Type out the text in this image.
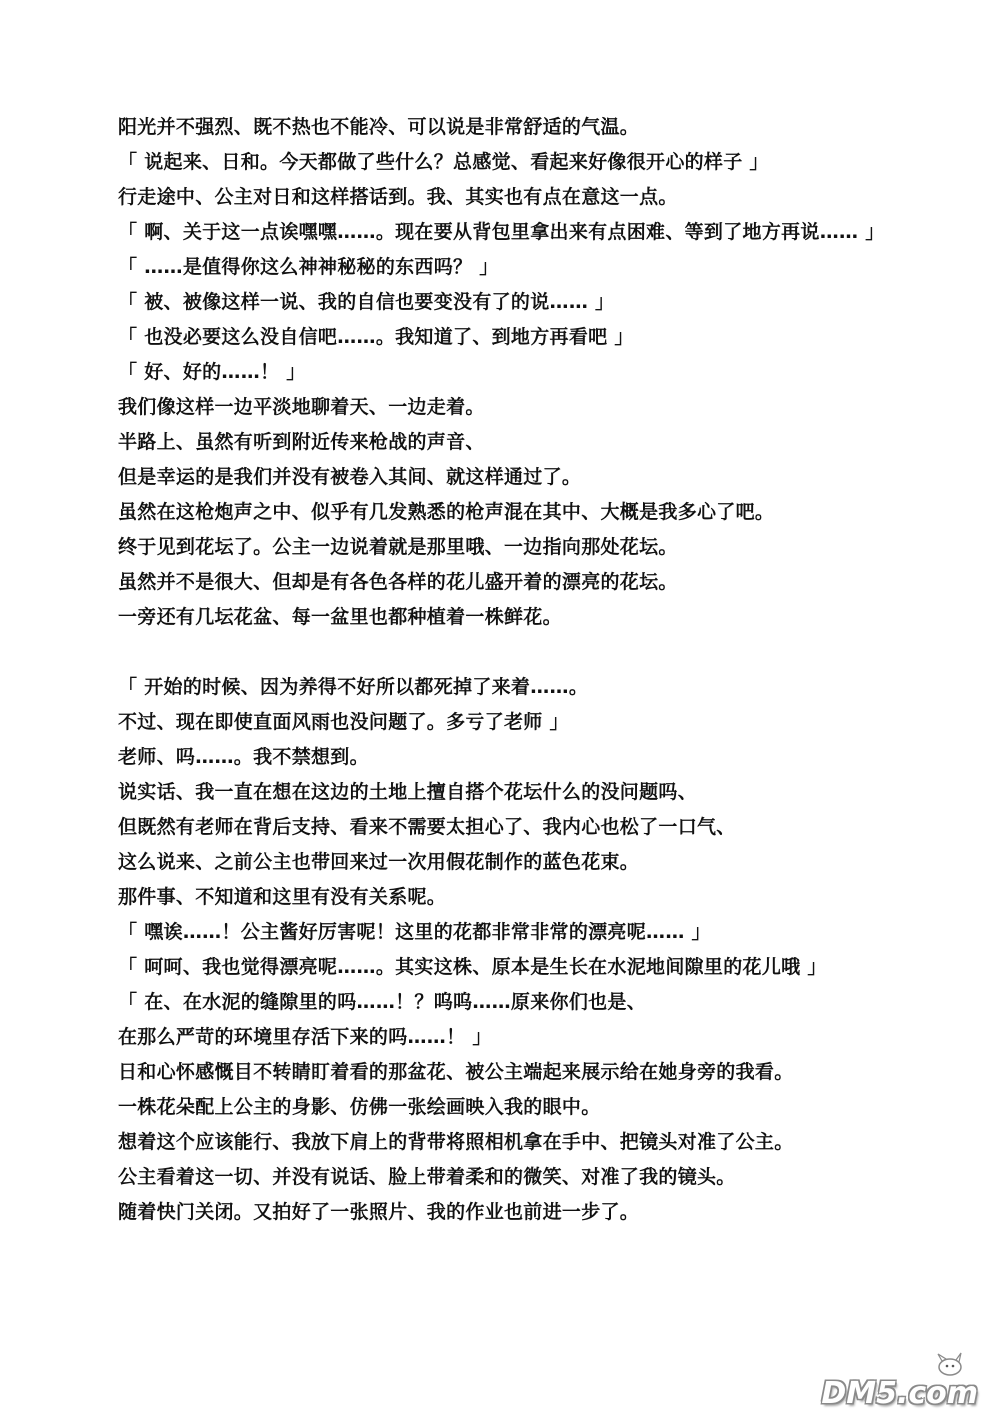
阳光并不强烈、既不热也不能冷、可以说是非常舒适的气温。
「 说起来、日和。今天都做了些什么？总感觉、看起来好像很开心的样子 」
行走途中、公主对日和这样搭话到。我、其实也有点在意这一点。
「 啊、关于这一点诶嘿嘿……。现在要从背包里拿出来有点困难、等到了地方再说…… 」
「 ……是值得你这么神神秘秘的东西吗？ 」
「 被、被像这样一说、我的自信也要变没有了的说…… 」
「 也没必要这么没自信吧……。我知道了、到地方再看吧 」
「 好、好的……！ 」
我们像这样一边平淡地聊着天、一边走着。
半路上、虽然有听到附近传来枪战的声音、
但是幸运的是我们并没有被卷入其间、就这样通过了。
虽然在这枪炮声之中、似乎有几发熟悉的枪声混在其中、大概是我多心了吧。
终于见到花坛了。公主一边说着就是那里哦、一边指向那处花坛。
虽然并不是很大、但却是有各色各样的花儿盛开着的漂亮的花坛。
一旁还有几坛花盆、每一盆里也都种植着一株鲜花。
「 开始的时候、因为养得不好所以都死掉了来着……。
不过、现在即使直面风雨也没问题了。多亏了老师 」
老师、吗……。我不禁想到。
说实话、我一直在想在这边的土地上擅自搭个花坛什么的没问题吗、
但既然有老师在背后支持、看来不需要太担心了、我内心也松了一口气、
这么说来、之前公主也带回来过一次用假花制作的蓝色花束。
那件事、不知道和这里有没有关系呢。
「 嘿诶……！公主酱好厉害呢！这里的花都非常非常的漂亮呢…… 」
「 呵呵、我也觉得漂亮呢……。其实这株、原本是生长在水泥地间隙里的花儿哦 」
「 在、在水泥的缝隙里的吗……！？呜呜……原来你们也是、
在那么严苛的环境里存活下来的吗……！ 」
日和心怀感慨目不转睛盯着看的那盆花、被公主端起来展示给在她身旁的我看。
一株花朵配上公主的身影、仿佛一张绘画映入我的眼中。
想着这个应该能行、我放下肩上的背带将照相机拿在手中、把镜头对准了公主。
公主看着这一切、并没有说话、脸上带着柔和的微笑、对准了我的镜头。
随着快门关闭。又拍好了一张照片、我的作业也前进一步了。
DM5.com
